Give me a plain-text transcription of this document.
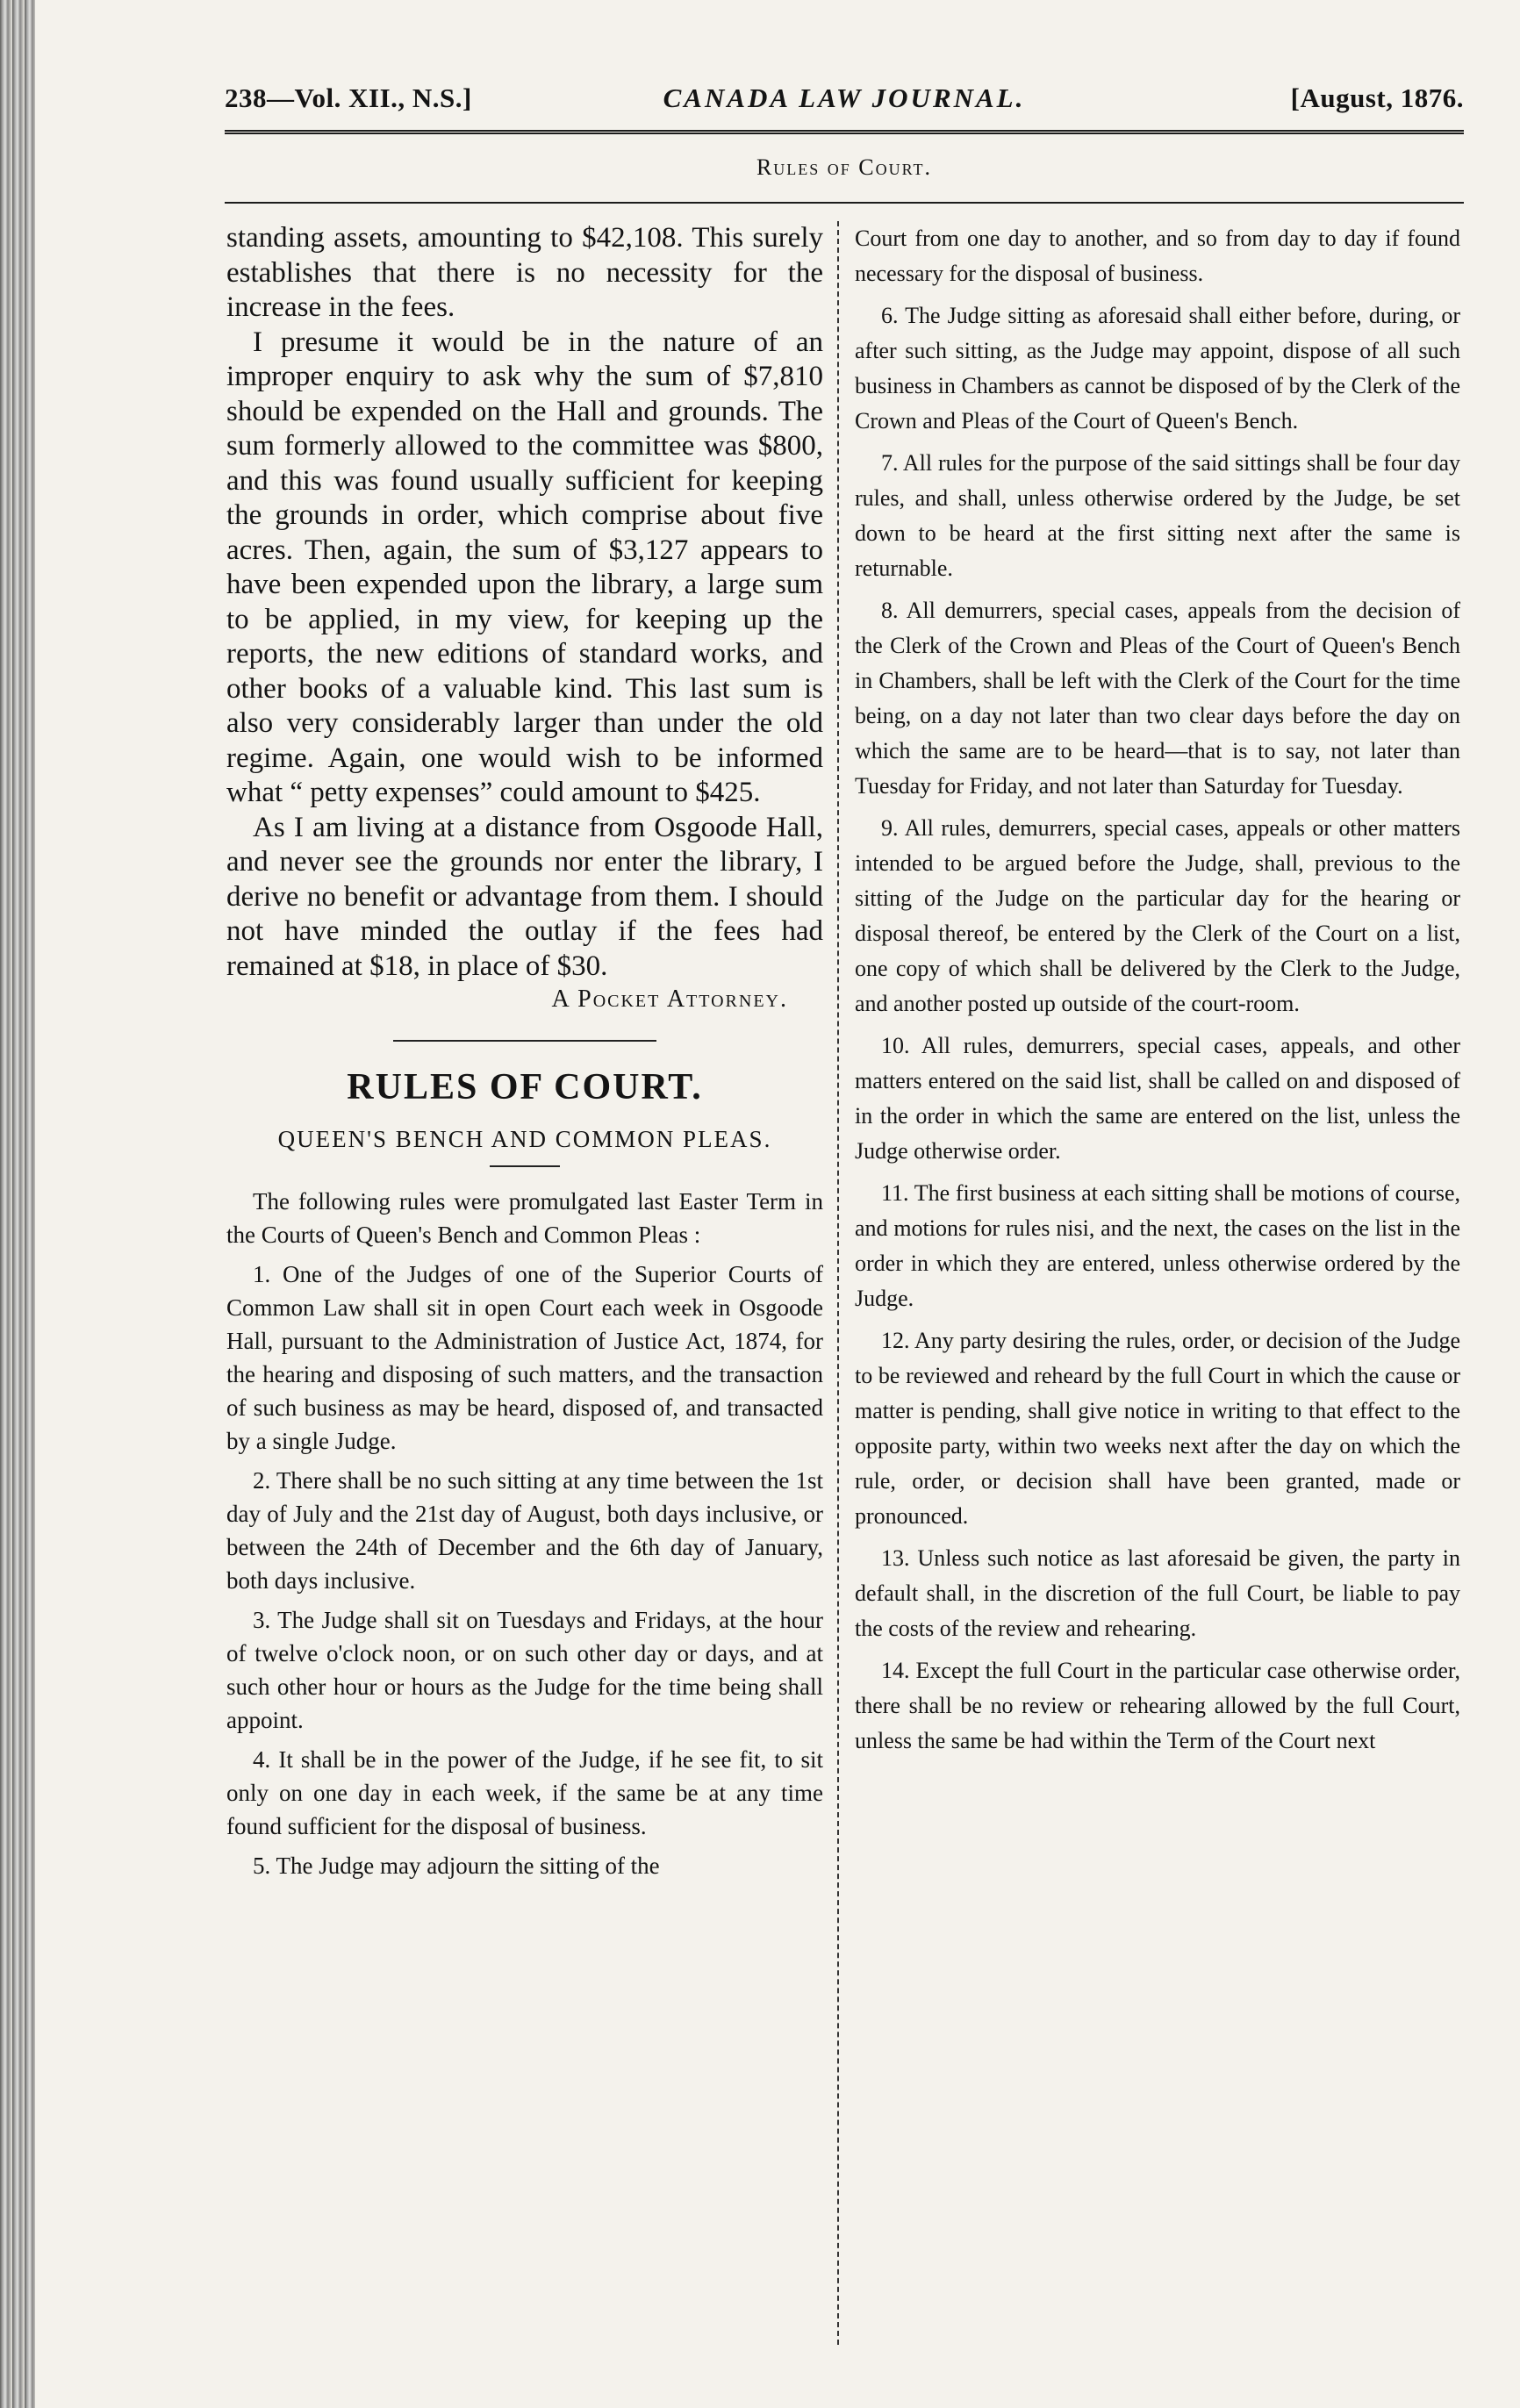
238—Vol. XII., N.S.]	CANADA LAW JOURNAL.	[August, 1876.
Rules of Court.

standing assets, amounting to $42,108. This surely establishes that there is no necessity for the increase in the fees.

I presume it would be in the nature of an improper enquiry to ask why the sum of $7,810 should be expended on the Hall and grounds. The sum formerly allowed to the committee was $800, and this was found usually sufficient for keeping the grounds in order, which comprise about five acres. Then, again, the sum of $3,127 appears to have been expended upon the library, a large sum to be applied, in my view, for keeping up the reports, the new editions of standard works, and other books of a valuable kind. This last sum is also very considerably larger than under the old regime. Again, one would wish to be informed what “ petty expenses” could amount to $425.

As I am living at a distance from Osgoode Hall, and never see the grounds nor enter the library, I derive no benefit or advantage from them. I should not have minded the outlay if the fees had remained at $18, in place of $30.

A Pocket Attorney.
RULES OF COURT.
QUEEN'S BENCH AND COMMON PLEAS.

The following rules were promulgated last Easter Term in the Courts of Queen's Bench and Common Pleas :

1. One of the Judges of one of the Superior Courts of Common Law shall sit in open Court each week in Osgoode Hall, pursuant to the Administration of Justice Act, 1874, for the hearing and disposing of such matters, and the transaction of such business as may be heard, disposed of, and transacted by a single Judge.

2. There shall be no such sitting at any time between the 1st day of July and the 21st day of August, both days inclusive, or between the 24th of December and the 6th day of January, both days inclusive.

3. The Judge shall sit on Tuesdays and Fridays, at the hour of twelve o'clock noon, or on such other day or days, and at such other hour or hours as the Judge for the time being shall appoint.

4. It shall be in the power of the Judge, if he see fit, to sit only on one day in each week, if the same be at any time found sufficient for the disposal of business.

5. The Judge may adjourn the sitting of the

Court from one day to another, and so from day to day if found necessary for the disposal of business.

6. The Judge sitting as aforesaid shall either before, during, or after such sitting, as the Judge may appoint, dispose of all such business in Chambers as cannot be disposed of by the Clerk of the Crown and Pleas of the Court of Queen's Bench.

7. All rules for the purpose of the said sittings shall be four day rules, and shall, unless otherwise ordered by the Judge, be set down to be heard at the first sitting next after the same is returnable.

8. All demurrers, special cases, appeals from the decision of the Clerk of the Crown and Pleas of the Court of Queen's Bench in Chambers, shall be left with the Clerk of the Court for the time being, on a day not later than two clear days before the day on which the same are to be heard—that is to say, not later than Tuesday for Friday, and not later than Saturday for Tuesday.

9. All rules, demurrers, special cases, appeals or other matters intended to be argued before the Judge, shall, previous to the sitting of the Judge on the particular day for the hearing or disposal thereof, be entered by the Clerk of the Court on a list, one copy of which shall be delivered by the Clerk to the Judge, and another posted up outside of the court-room.

10. All rules, demurrers, special cases, appeals, and other matters entered on the said list, shall be called on and disposed of in the order in which the same are entered on the list, unless the Judge otherwise order.

11. The first business at each sitting shall be motions of course, and motions for rules nisi, and the next, the cases on the list in the order in which they are entered, unless otherwise ordered by the Judge.

12. Any party desiring the rules, order, or decision of the Judge to be reviewed and reheard by the full Court in which the cause or matter is pending, shall give notice in writing to that effect to the opposite party, within two weeks next after the day on which the rule, order, or decision shall have been granted, made or pronounced.

13. Unless such notice as last aforesaid be given, the party in default shall, in the discretion of the full Court, be liable to pay the costs of the review and rehearing.

14. Except the full Court in the particular case otherwise order, there shall be no review or rehearing allowed by the full Court, unless the same be had within the Term of the Court next
